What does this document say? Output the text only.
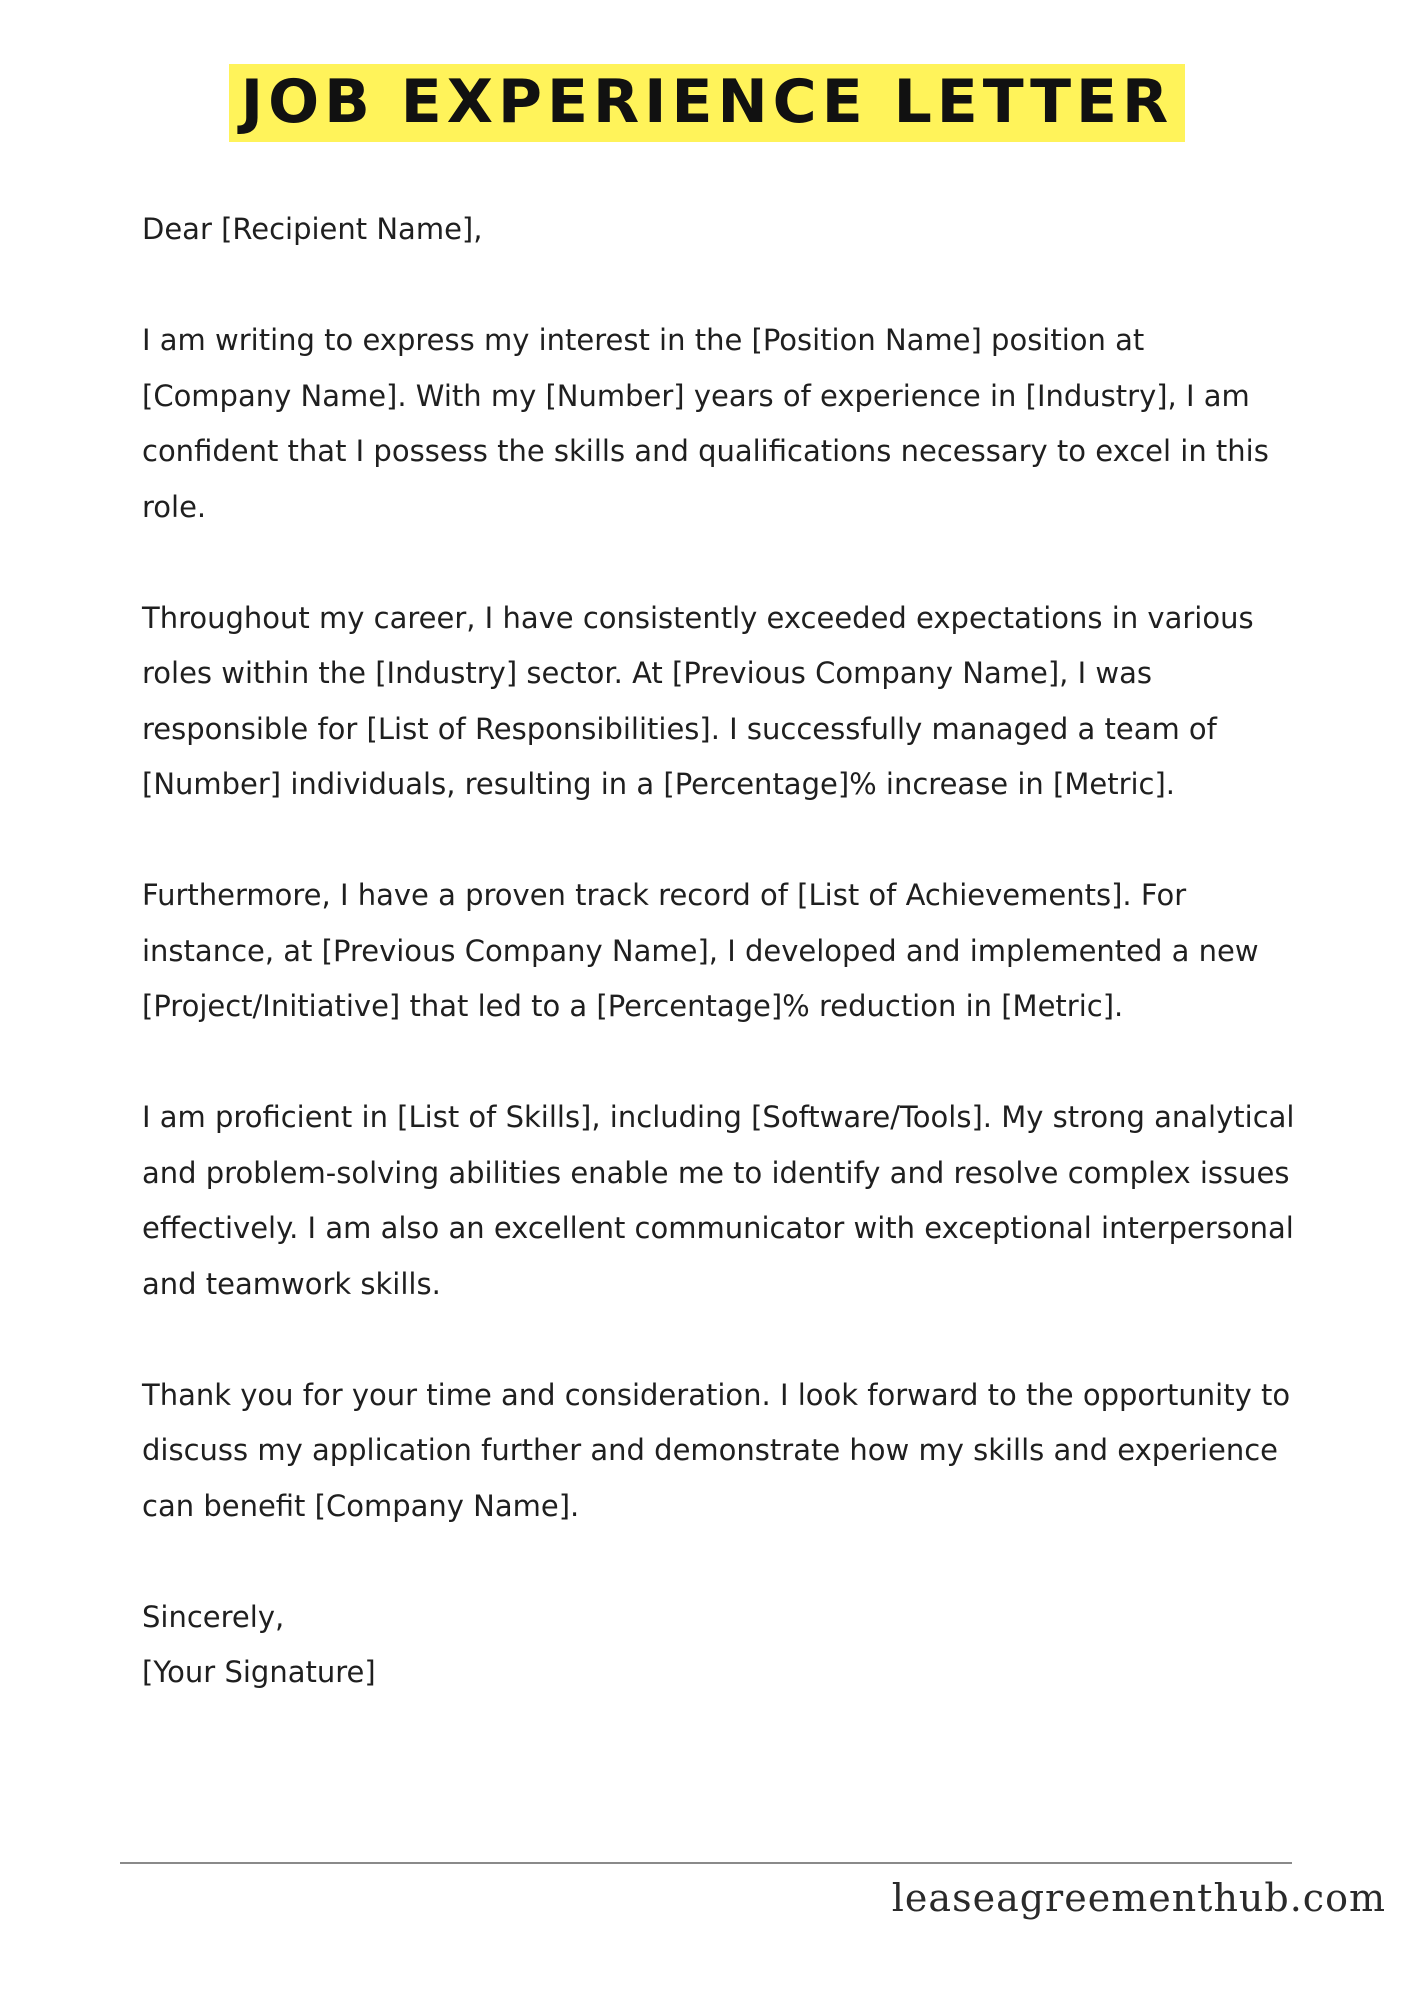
JOB EXPERIENCE LETTER

Dear [Recipient Name],

I am writing to express my interest in the [Position Name] position at [Company Name]. With my [Number] years of experience in [Industry], I am confident that I possess the skills and qualifications necessary to excel in this role.

Throughout my career, I have consistently exceeded expectations in various roles within the [Industry] sector. At [Previous Company Name], I was responsible for [List of Responsibilities]. I successfully managed a team of [Number] individuals, resulting in a [Percentage]% increase in [Metric].

Furthermore, I have a proven track record of [List of Achievements]. For instance, at [Previous Company Name], I developed and implemented a new [Project/Initiative] that led to a [Percentage]% reduction in [Metric].

I am proficient in [List of Skills], including [Software/Tools]. My strong analytical and problem-solving abilities enable me to identify and resolve complex issues effectively. I am also an excellent communicator with exceptional interpersonal and teamwork skills.

Thank you for your time and consideration. I look forward to the opportunity to discuss my application further and demonstrate how my skills and experience can benefit [Company Name].

Sincerely,

[Your Signature]

leaseagreementhub.com
